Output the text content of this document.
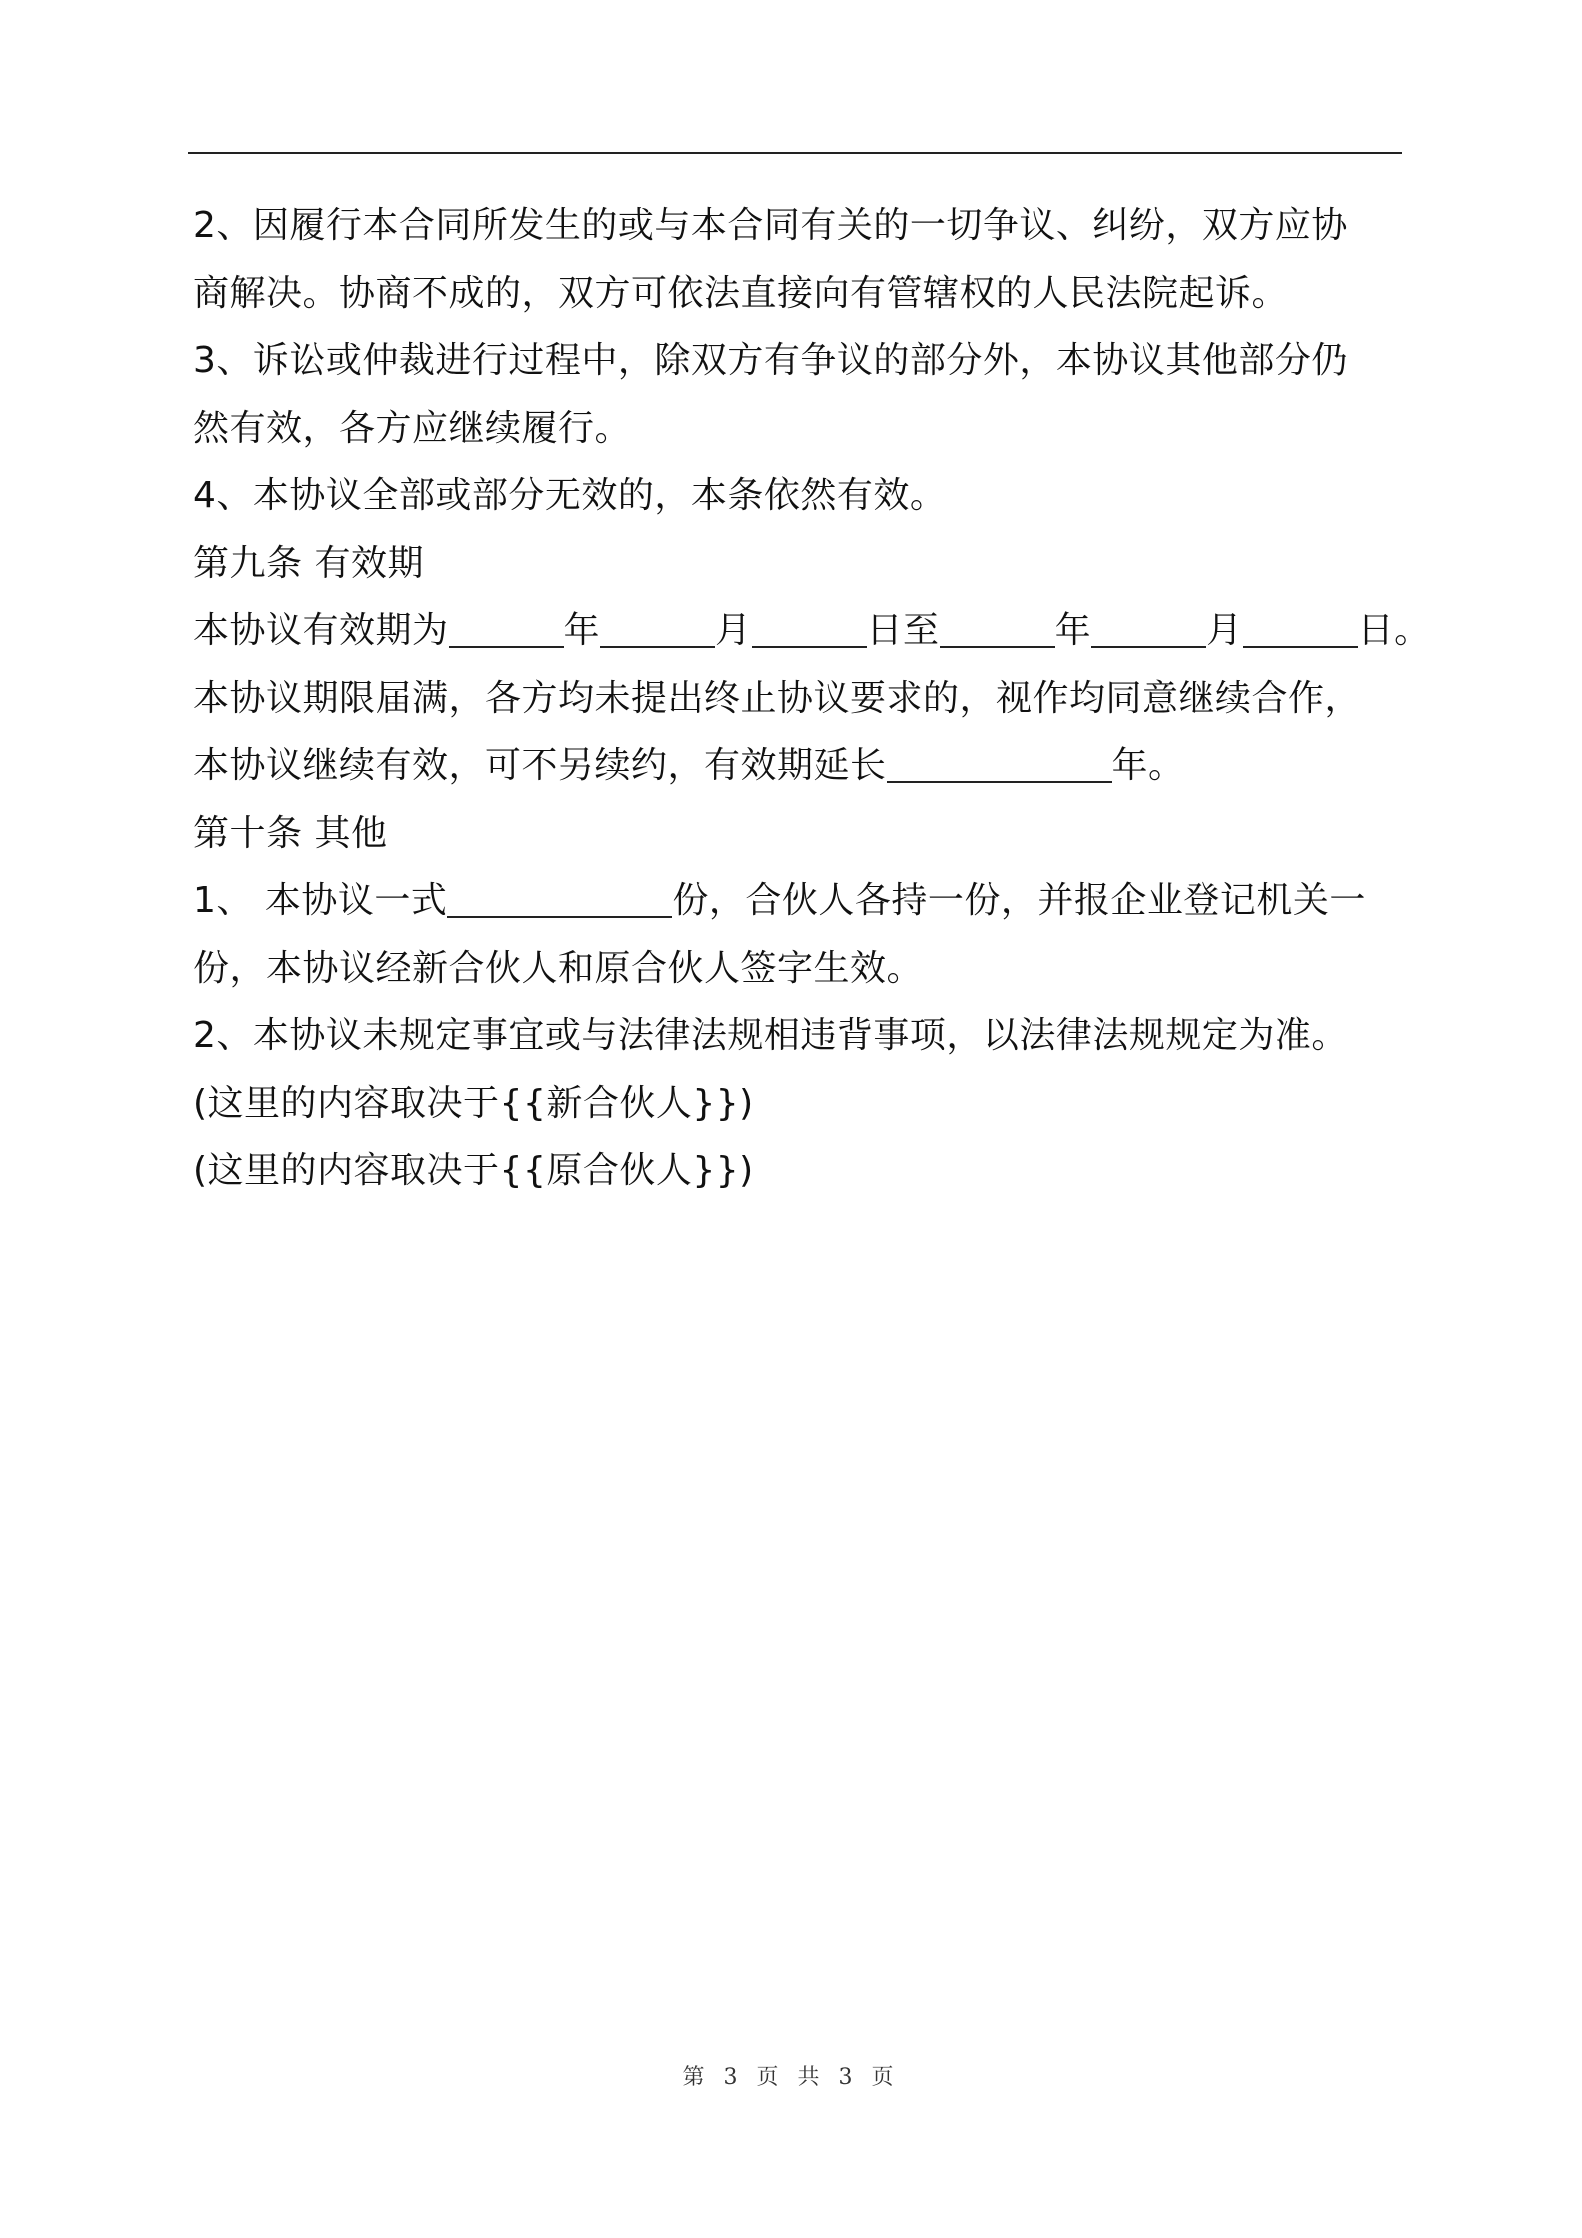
2、因履行本合同所发生的或与本合同有关的一切争议、纠纷，双方应协
商解决。协商不成的，双方可依法直接向有管辖权的人民法院起诉。
3、诉讼或仲裁进行过程中，除双方有争议的部分外，本协议其他部分仍
然有效，各方应继续履行。
4、本协议全部或部分无效的，本条依然有效。
第九条 有效期
本协议有效期为	年	月	日至	年	月	日。
本协议期限届满，各方均未提出终止协议要求的，视作均同意继续合作，
本协议继续有效，可不另续约，有效期延长	年。
第十条 其他
1、 本协议一式	份，合伙人各持一份，并报企业登记机关一
份，本协议经新合伙人和原合伙人签字生效。
2、本协议未规定事宜或与法律法规相违背事项，以法律法规规定为准。
(这里的内容取决于{{新合伙人}})
(这里的内容取决于{{原合伙人}})
第 3 页 共 3 页
